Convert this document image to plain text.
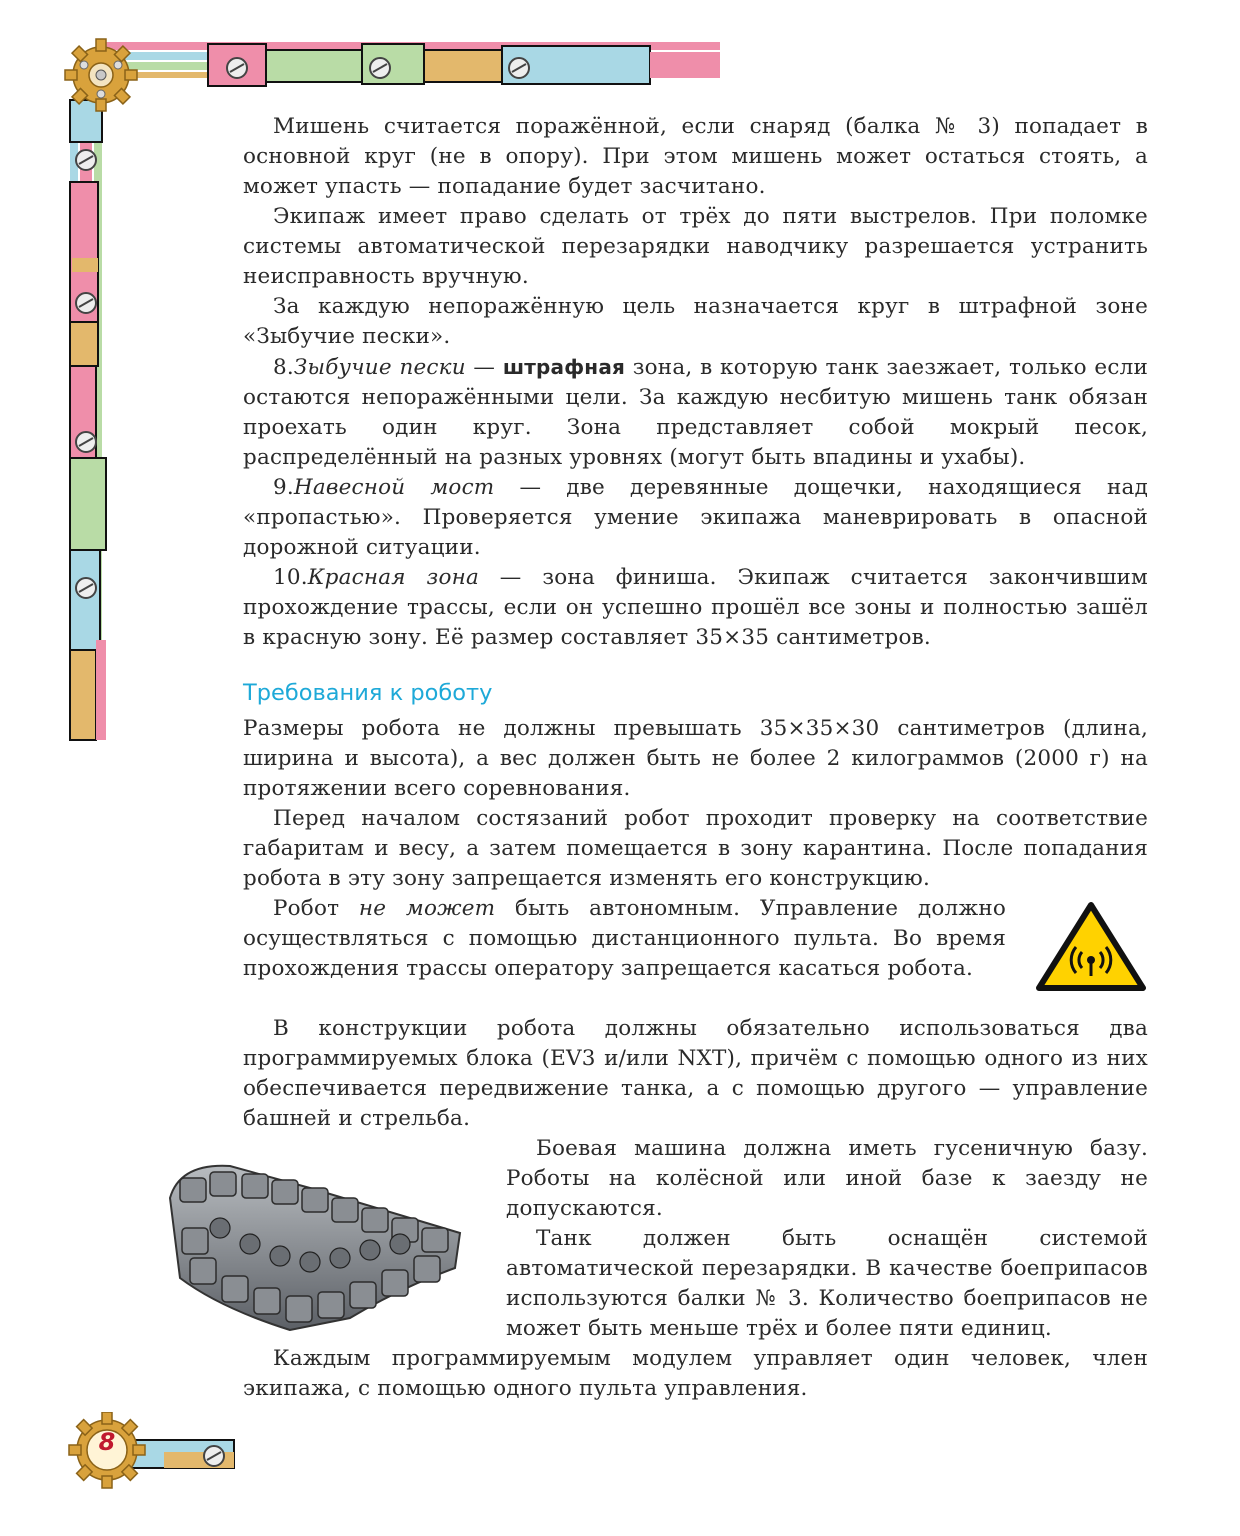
Мишень считается поражённой, если снаряд (балка № 3) попадает в основной круг (не в опору). При этом мишень может остаться стоять, а может упасть — попадание будет засчитано.

Экипаж имеет право сделать от трёх до пяти выстрелов. При поломке системы автоматической перезарядки наводчику разрешается устранить неисправность вручную.

За каждую непоражённую цель назначается круг в штрафной зоне «Зыбучие пески».

8.Зыбучие пески — штрафная зона, в которую танк заезжает, только если остаются непоражёнными цели. За каждую несбитую мишень танк обязан проехать один круг. Зона представляет собой мокрый песок, распределённый на разных уровнях (могут быть впадины и ухабы).

9.Навесной мост — две деревянные дощечки, находящиеся над «пропастью». Проверяется умение экипажа маневрировать в опасной дорожной ситуации.

10.Красная зона — зона финиша. Экипаж считается закончившим прохождение трассы, если он успешно прошёл все зоны и полностью зашёл в красную зону. Её размер составляет 35×35 сантиметров.

Требования к роботу

Размеры робота не должны превышать 35×35×30 сантиметров (длина, ширина и высота), а вес должен быть не более 2 килограммов (2000 г) на протяжении всего соревнования.

Перед началом состязаний робот проходит проверку на соответствие габаритам и весу, а затем помещается в зону карантина. После попадания робота в эту зону запрещается изменять его конструкцию.

Робот не может быть автономным. Управление должно осуществляться с помощью дистанционного пульта. Во время прохождения трассы оператору запрещается касаться робота.

В конструкции робота должны обязательно использоваться два программируемых блока (EV3 и/или NXT), причём с помощью одного из них обеспечивается передвижение танка, а с помощью другого — управление башней и стрельба.

Боевая машина должна иметь гусеничную базу. Роботы на колёсной или иной базе к заезду не допускаются.

Танк должен быть оснащён системой автоматической перезарядки. В качестве боеприпасов используются балки № 3. Количество боеприпасов не может быть меньше трёх и более пяти единиц.

Каждым программируемым модулем управляет один человек, член экипажа, с помощью одного пульта управления.

8
